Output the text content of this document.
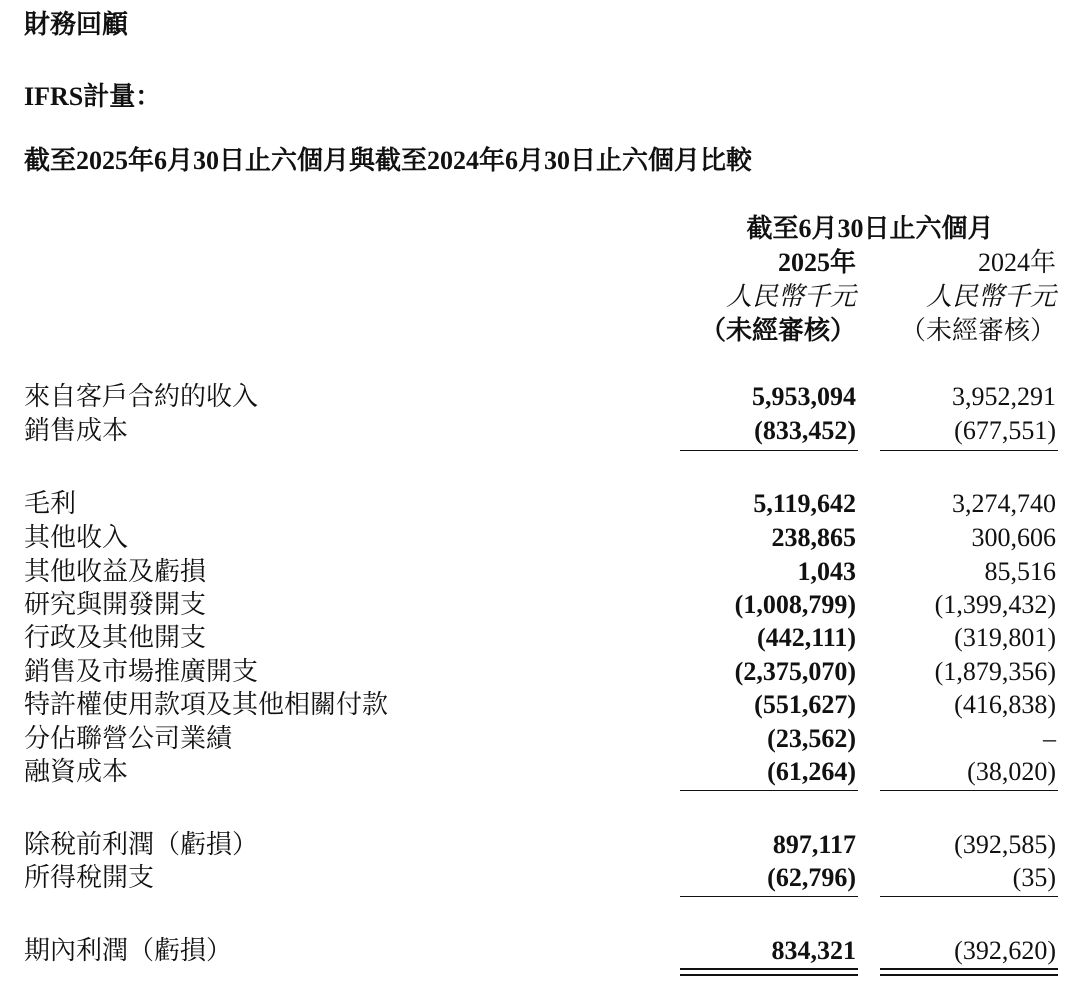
財務回顧
IFRS計量：
截至2025年6月30日止六個月與截至2024年6月30日止六個月比較
截至6月30日止六個月
2025年	2024年
人民幣千元	人民幣千元
（未經審核） （未經審核）
來自客戶合約的收入	5,953,094	3,952,291
銷售成本	(833,452)	(677,551)
毛利	5,119,642	3,274,740
其他收入	238,865	300,606
其他收益及虧損	1,043	85,516
研究與開發開支	(1,008,799)	(1,399,432)
行政及其他開支	(442,111)	(319,801)
銷售及市場推廣開支	(2,375,070)	(1,879,356)
特許權使用款項及其他相關付款	(551,627)	(416,838)
分佔聯營公司業績	(23,562)	–
融資成本	(61,264)	(38,020)
除稅前利潤（虧損）	897,117	(392,585)
所得稅開支	(62,796)	(35)
期內利潤（虧損）	834,321	(392,620)
